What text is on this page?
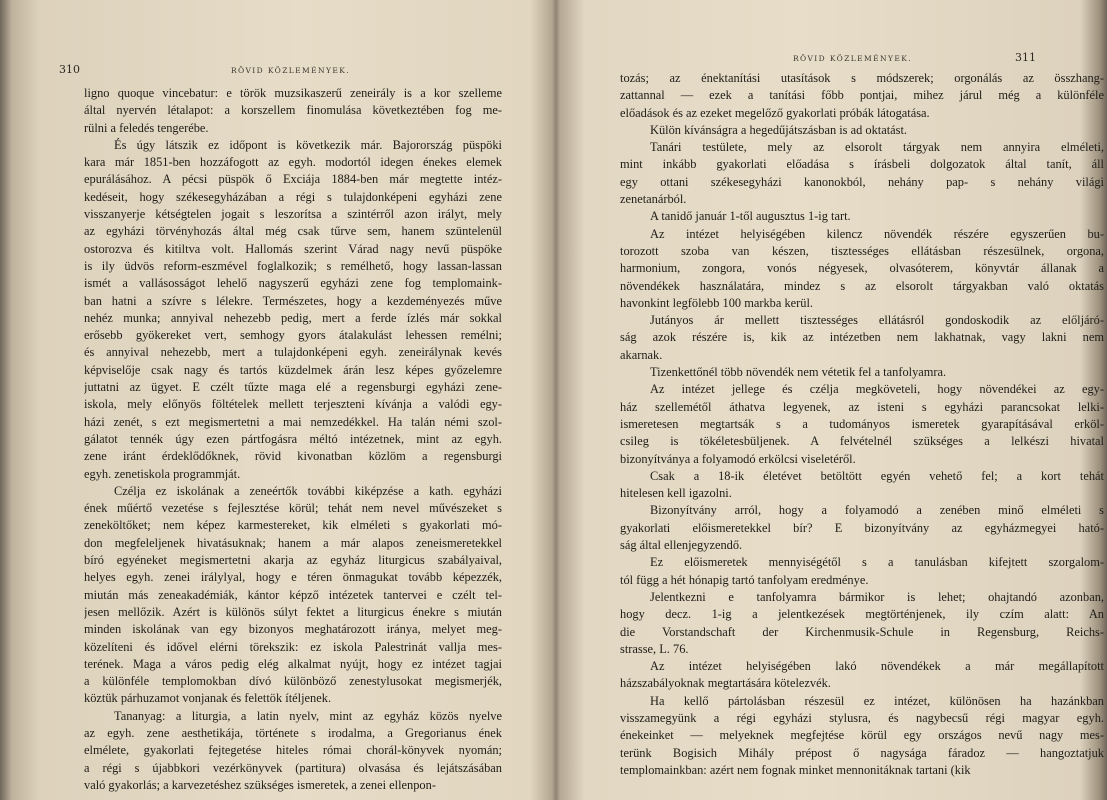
310	RÖVID KÖZLEMÉNYEK.
ligno quoque vincebatur: e török muzsikaszerű zeneirály is a kor szelleme
által nyervén létalapot: a korszellem finomulása következtében fog me-
rülni a feledés tengerébe.
És úgy látszik ez időpont is következik már. Bajorország püspöki
kara már 1851-ben hozzáfogott az egyh. modortól idegen énekes elemek
epurálásához. A pécsi püspök ő Exciája 1884-ben már megtette intéz-
kedéseit, hogy székesegyházában a régi s tulajdonképeni egyházi zene
visszanyerje kétségtelen jogait s leszorítsa a szintérről azon irályt, mely
az egyházi törvényhozás által még csak tűrve sem, hanem szüntelenül
ostorozva és kitiltva volt. Hallomás szerint Várad nagy nevű püspöke
is ily üdvös reform-eszmével foglalkozik; s remélhető, hogy lassan-lassan
ismét a vallásosságot lehelő nagyszerű egyházi zene fog templomaink-
ban hatni a szívre s lélekre. Természetes, hogy a kezdeményezés műve
nehéz munka; annyival nehezebb pedig, mert a ferde ízlés már sokkal
erősebb gyökereket vert, semhogy gyors átalakulást lehessen remélni;
és annyival nehezebb, mert a tulajdonképeni egyh. zeneirálynak kevés
képviselője csak nagy és tartós küzdelmek árán lesz képes győzelemre
juttatni az ügyet. E czélt tűzte maga elé a regensburgi egyházi zene-
iskola, mely előnyös föltételek mellett terjeszteni kívánja a valódi egy-
házi zenét, s ezt megismertetni a mai nemzedékkel. Ha talán némi szol-
gálatot tennék úgy ezen pártfogásra méltó intézetnek, mint az egyh.
zene iránt érdeklődőknek, rövid kivonatban közlöm a regensburgi
egyh. zenetiskola programmját.
Czélja ez iskolának a zeneértők további kiképzése a kath. egyházi
ének műértő vezetése s fejlesztése körül; tehát nem nevel művészeket s
zeneköltőket; nem képez karmestereket, kik elméleti s gyakorlati mó-
don megfeleljenek hivatásuknak; hanem a már alapos zeneismeretekkel
bíró egyéneket megismertetni akarja az egyház liturgicus szabályaival,
helyes egyh. zenei irálylyal, hogy e téren önmagukat tovább képezzék,
miután más zeneakadémiák, kántor képző intézetek tantervei e czélt tel-
jesen mellőzik. Azért is különös súlyt fektet a liturgicus énekre s miután
minden iskolának van egy bizonyos meghatározott iránya, melyet meg-
közelíteni és idővel elérni törekszik: ez iskola Palestrinát vallja mes-
terének. Maga a város pedig elég alkalmat nyújt, hogy ez intézet tagjai
a különféle templomokban dívó különböző zenestylusokat megismerjék,
köztük párhuzamot vonjanak és felettök ítéljenek.
Tananyag: a liturgia, a latin nyelv, mint az egyház közös nyelve
az egyh. zene aesthetikája, története s irodalma, a Gregorianus ének
elmélete, gyakorlati fejtegetése hiteles római chorál-könyvek nyomán;
a régi s újabbkori vezérkönyvek (partitura) olvasása és lejátszásában
való gyakorlás; a karvezetéshez szükséges ismeretek, a zenei ellenpon-
RÖVID KÖZLEMÉNYEK.	311
tozás; az énektanítási utasítások s módszerek; orgonálás az összhang-
zattannal — ezek a tanítási főbb pontjai, mihez járul még a különféle
előadások és az ezeket megelőző gyakorlati próbák látogatása.
Külön kívánságra a hegedűjátszásban is ad oktatást.
Tanári testülete, mely az elsorolt tárgyak nem annyira elméleti,
mint inkább gyakorlati előadása s írásbeli dolgozatok által tanít, áll
egy ottani székesegyházi kanonokból, nehány pap- s nehány világi
zenetanárból.
A tanidő január 1-től augusztus 1-ig tart.
Az intézet helyiségében kilencz növendék részére egyszerűen bu-
torozott szoba van készen, tisztességes ellátásban részesülnek, orgona,
harmonium, zongora, vonós négyesek, olvasóterem, könyvtár állanak a
növendékek használatára, mindez s az elsorolt tárgyakban való oktatás
havonkint legfölebb 100 markba kerül.
Jutányos ár mellett tisztességes ellátásról gondoskodik az előljáró-
ság azok részére is, kik az intézetben nem lakhatnak, vagy lakni nem
akarnak.
Tizenkettőnél több növendék nem vétetik fel a tanfolyamra.
Az intézet jellege és czélja megköveteli, hogy növendékei az egy-
ház szellemétől áthatva legyenek, az isteni s egyházi parancsokat lelki-
ismeretesen megtartsák s a tudományos ismeretek gyarapításával erköl-
csileg is tökéletesbüljenek. A felvételnél szükséges a lelkészi hivatal
bizonyítványa a folyamodó erkölcsi viseletéről.
Csak a 18-ik életévet betöltött egyén vehető fel; a kort tehát
hitelesen kell igazolni.
Bizonyítvány arról, hogy a folyamodó a zenében minő elméleti s
gyakorlati előismeretekkel bír? E bizonyítvány az egyházmegyei ható-
ság által ellenjegyzendő.
Ez előismeretek mennyiségétől s a tanulásban kifejtett szorgalom-
tól függ a hét hónapig tartó tanfolyam eredménye.
Jelentkezni e tanfolyamra bármikor is lehet; ohajtandó azonban,
hogy decz. 1-ig a jelentkezések megtörténjenek, ily czím alatt: An
die Vorstandschaft der Kirchenmusik-Schule in Regensburg, Reichs-
strasse, L. 76.
Az intézet helyiségében lakó növendékek a már megállapított
házszabályoknak megtartására kötelezvék.
Ha kellő pártolásban részesül ez intézet, különösen ha hazánkban
visszamegyünk a régi egyházi stylusra, és nagybecsű régi magyar egyh.
énekeinket — melyeknek megfejtése körül egy országos nevű nagy mes-
terünk Bogisich Mihály prépost ő nagysága fáradoz — hangoztatjuk
templomainkban: azért nem fognak minket mennonitáknak tartani (kik
